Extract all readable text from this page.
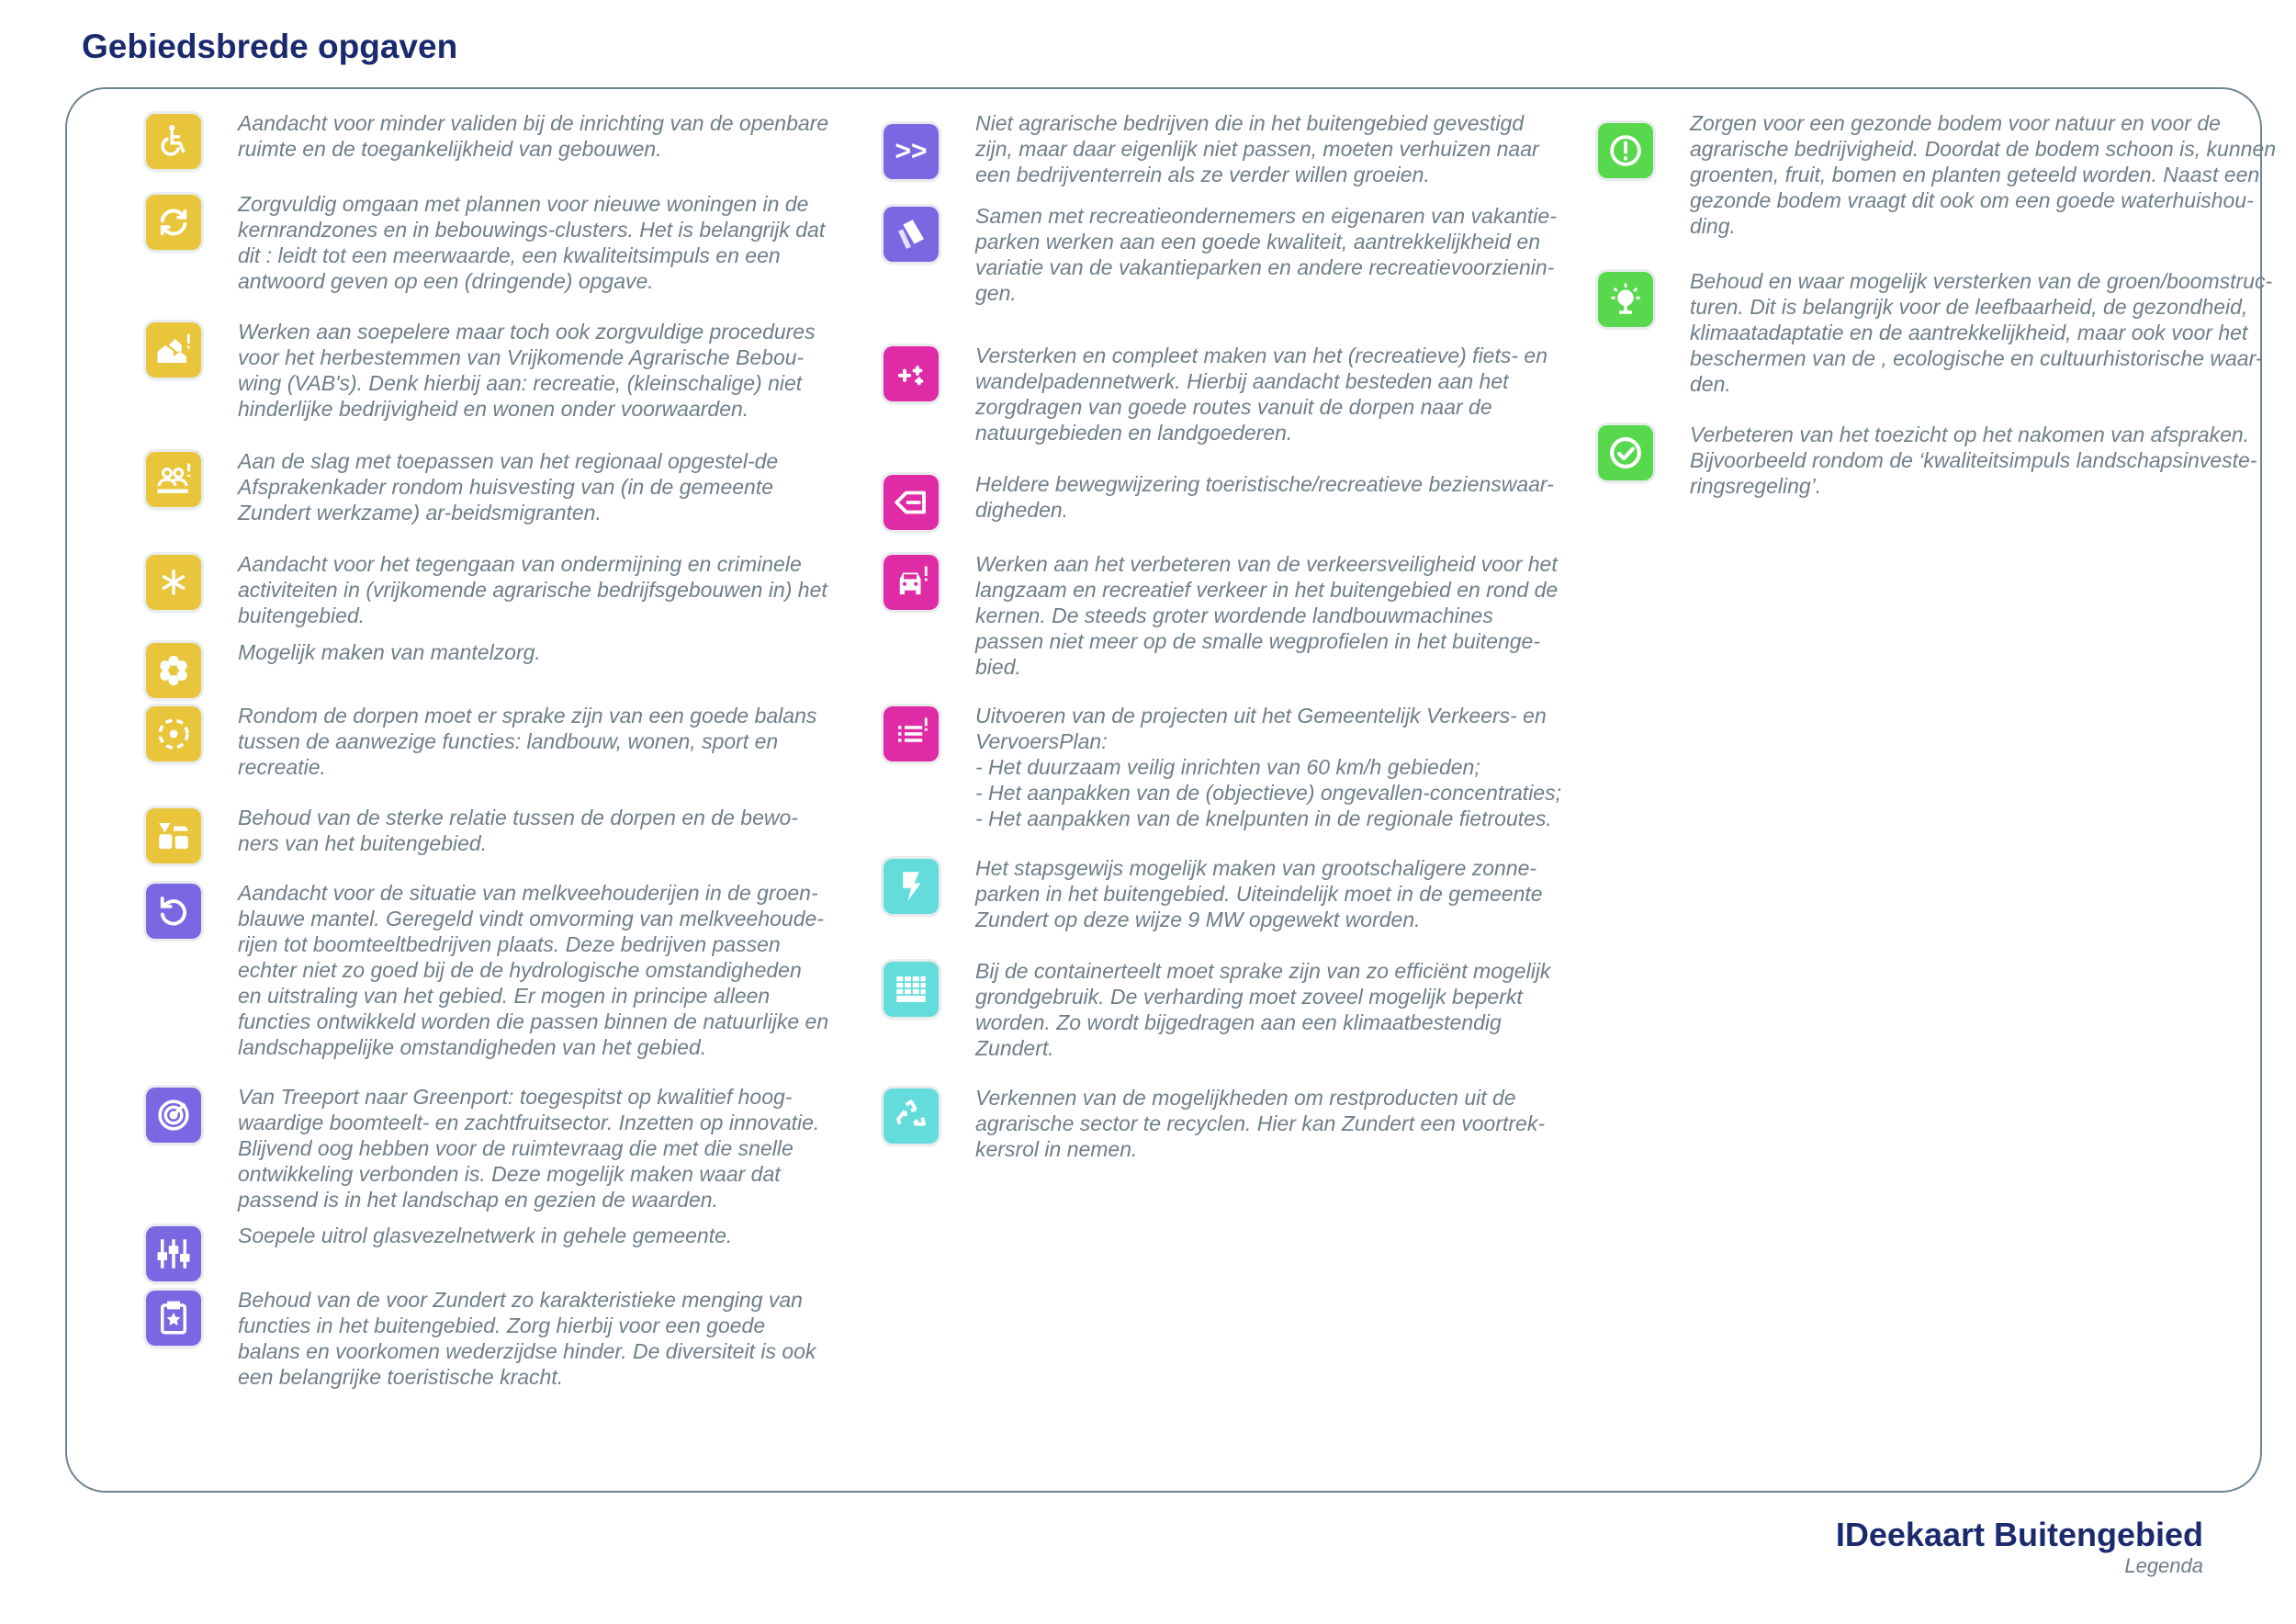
Gebiedsbrede opgaven

Aandacht voor minder validen bij de inrichting van de openbare
ruimte en de toegankelijkheid van gebouwen.

Zorgvuldig omgaan met plannen voor nieuwe woningen in de
kernrandzones en in bebouwings-clusters. Het is belangrijk dat
dit : leidt tot een meerwaarde, een kwaliteitsimpuls en een
antwoord geven op een (dringende) opgave.

Werken aan soepelere maar toch ook zorgvuldige procedures
voor het herbestemmen van Vrijkomende Agrarische Bebou-
wing (VAB's). Denk hierbij aan: recreatie, (kleinschalige) niet
hinderlijke bedrijvigheid en wonen onder voorwaarden.

Aan de slag met toepassen van het regionaal opgestel-de
Afsprakenkader rondom huisvesting van (in de gemeente
Zundert werkzame) ar-beidsmigranten.

Aandacht voor het tegengaan van ondermijning en criminele
activiteiten in (vrijkomende agrarische bedrijfsgebouwen in) het
buitengebied.

Mogelijk maken van mantelzorg.

Rondom de dorpen moet er sprake zijn van een goede balans
tussen de aanwezige functies: landbouw, wonen, sport en
recreatie.

Behoud van de sterke relatie tussen de dorpen en de bewo-
ners van het buitengebied.

Aandacht voor de situatie van melkveehouderijen in de groen-
blauwe mantel. Geregeld vindt omvorming van melkveehoude-
rijen tot boomteeltbedrijven plaats. Deze bedrijven passen
echter niet zo goed bij de de hydrologische omstandigheden
en uitstraling van het gebied. Er mogen in principe alleen
functies ontwikkeld worden die passen binnen de natuurlijke en
landschappelijke omstandigheden van het gebied.

Van Treeport naar Greenport: toegespitst op kwalitief hoog-
waardige boomteelt- en zachtfruitsector. Inzetten op innovatie.
Blijvend oog hebben voor de ruimtevraag die met die snelle
ontwikkeling verbonden is. Deze mogelijk maken waar dat
passend is in het landschap en gezien de waarden.

Soepele uitrol glasvezelnetwerk in gehele gemeente.

Behoud van de voor Zundert zo karakteristieke menging van
functies in het buitengebied. Zorg hierbij voor een goede
balans en voorkomen wederzijdse hinder. De diversiteit is ook
een belangrijke toeristische kracht.

>>

Niet agrarische bedrijven die in het buitengebied gevestigd
zijn, maar daar eigenlijk niet passen, moeten verhuizen naar
een bedrijventerrein als ze verder willen groeien.

Samen met recreatieondernemers en eigenaren van vakantie-
parken werken aan een goede kwaliteit, aantrekkelijkheid en
variatie van de vakantieparken en andere recreatievoorzienin-
gen.

Versterken en compleet maken van het (recreatieve) fiets- en
wandelpadennetwerk. Hierbij aandacht besteden aan het
zorgdragen van goede routes vanuit de dorpen naar de
natuurgebieden en landgoederen.

Heldere bewegwijzering toeristische/recreatieve bezienswaar-
digheden.

Werken aan het verbeteren van de verkeersveiligheid voor het
langzaam en recreatief verkeer in het buitengebied en rond de
kernen. De steeds groter wordende landbouwmachines
passen niet meer op de smalle wegprofielen in het buitenge-
bied.

Uitvoeren van de projecten uit het Gemeentelijk Verkeers- en
VervoersPlan:
- Het duurzaam veilig inrichten van 60 km/h gebieden;
- Het aanpakken van de (objectieve) ongevallen-concentraties;
- Het aanpakken van de knelpunten in de regionale fietroutes.

Het stapsgewijs mogelijk maken van grootschaligere zonne-
parken in het buitengebied. Uiteindelijk moet in de gemeente
Zundert op deze wijze 9 MW opgewekt worden.

Bij de containerteelt moet sprake zijn van zo efficiënt mogelijk
grondgebruik. De verharding moet zoveel mogelijk beperkt
worden. Zo wordt bijgedragen aan een klimaatbestendig
Zundert.

Verkennen van de mogelijkheden om restproducten uit de
agrarische sector te recyclen. Hier kan Zundert een voortrek-
kersrol in nemen.

Zorgen voor een gezonde bodem voor natuur en voor de
agrarische bedrijvigheid. Doordat de bodem schoon is, kunnen
groenten, fruit, bomen en planten geteeld worden. Naast een
gezonde bodem vraagt dit ook om een goede waterhuishou-
ding.

Behoud en waar mogelijk versterken van de groen/boomstruc-
turen. Dit is belangrijk voor de leefbaarheid, de gezondheid,
klimaatadaptatie en de aantrekkelijkheid, maar ook voor het
beschermen van de , ecologische en cultuurhistorische waar-
den.

Verbeteren van het toezicht op het nakomen van afspraken.
Bijvoorbeeld rondom de ‘kwaliteitsimpuls landschapsinveste-
ringsregeling’.

IDeekaart Buitengebied
Legenda
